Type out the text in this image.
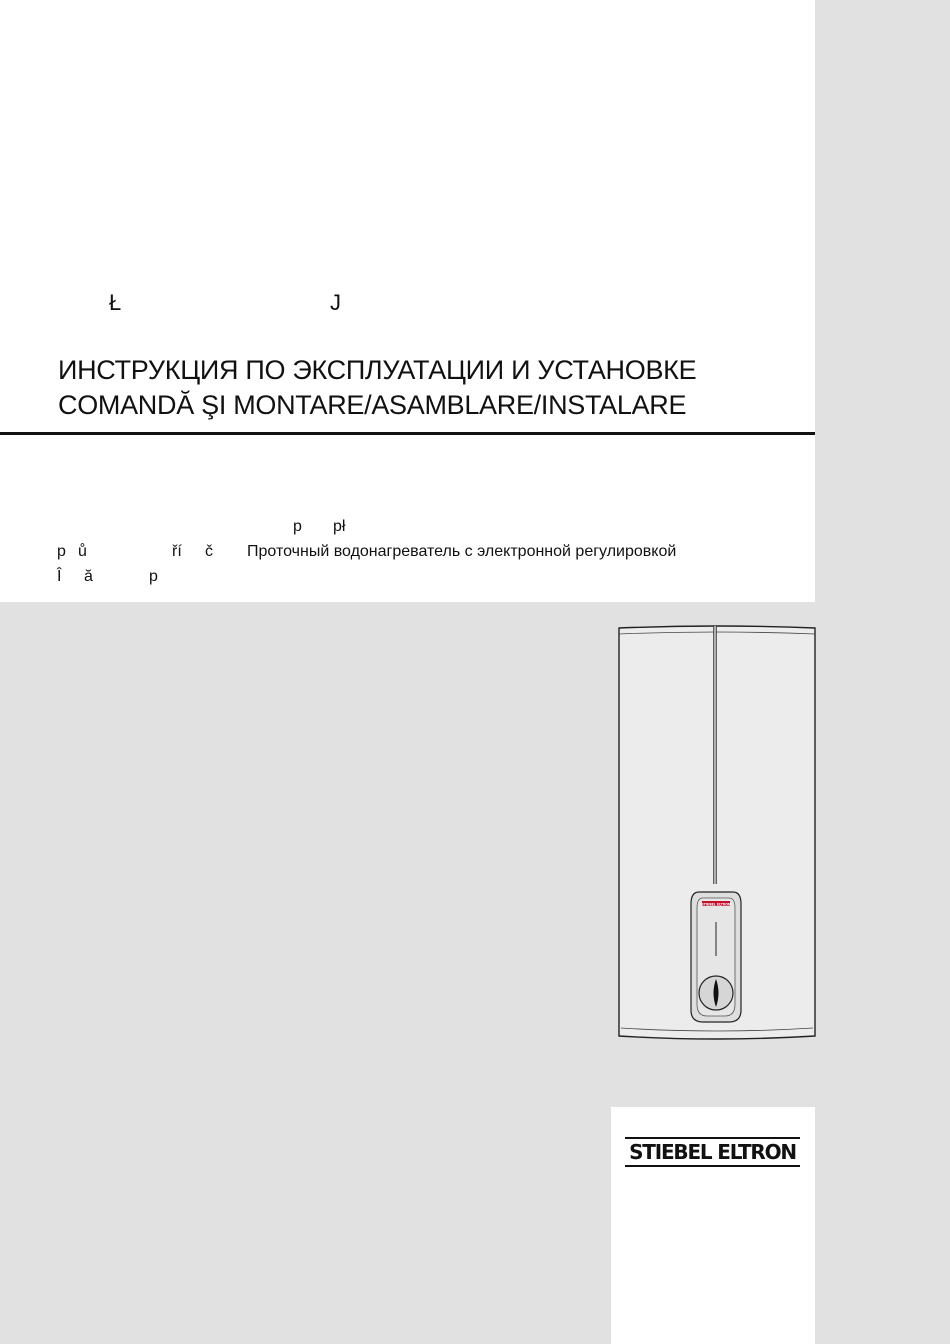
Ł	J
ИНСТРУКЦИЯ ПО ЭКСПЛУАТАЦИИ И УСТАНОВКЕ
COMANDĂ ŞI MONTARE/ASAMBLARE/INSTALARE
p pł
p ů	ří č Проточный водонагреватель с электронной регулировкой
Î ă	p
STIEBEL ELTRON
STIEBEL ELTRON
